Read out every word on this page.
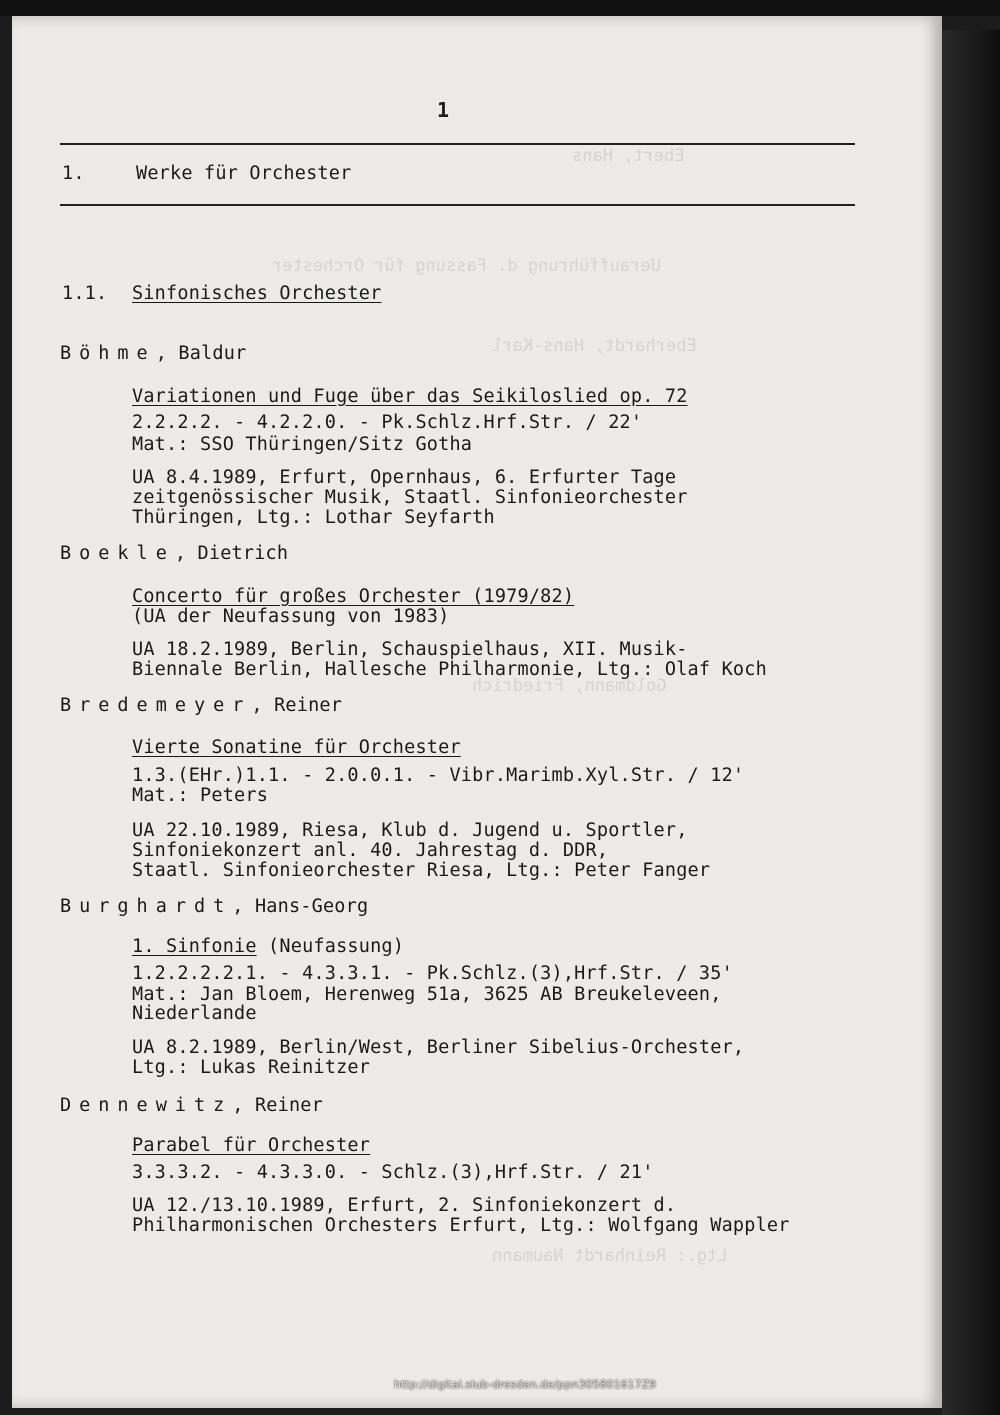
Ebert, Hans
Ueraufführung d. Fassung für Orchester
Eberhardt, Hans-Karl
Goldmann, Friedrich
Ltg.: Reinhardt Naumann
1
1.	Werke für Orchester
1.1. Sinfonisches Orchester
Böhme, Baldur
Variationen und Fuge über das Seikiloslied op. 72
2.2.2.2. - 4.2.2.0. - Pk.Schlz.Hrf.Str. / 22'
Mat.: SSO Thüringen/Sitz Gotha
UA 8.4.1989, Erfurt, Opernhaus, 6. Erfurter Tage
zeitgenössischer Musik, Staatl. Sinfonieorchester
Thüringen, Ltg.: Lothar Seyfarth
Boekle, Dietrich
Concerto für großes Orchester (1979/82)
(UA der Neufassung von 1983)
UA 18.2.1989, Berlin, Schauspielhaus, XII. Musik-
Biennale Berlin, Hallesche Philharmonie, Ltg.: Olaf Koch
Bredemeyer, Reiner
Vierte Sonatine für Orchester
1.3.(EHr.)1.1. - 2.0.0.1. - Vibr.Marimb.Xyl.Str. / 12'
Mat.: Peters
UA 22.10.1989, Riesa, Klub d. Jugend u. Sportler,
Sinfoniekonzert anl. 40. Jahrestag d. DDR,
Staatl. Sinfonieorchester Riesa, Ltg.: Peter Fanger
Burghardt, Hans-Georg
1. Sinfonie (Neufassung)
1.2.2.2.2.1. - 4.3.3.1. - Pk.Schlz.(3),Hrf.Str. / 35'
Mat.: Jan Bloem, Herenweg 51a, 3625 AB Breukeleveen,
Niederlande
UA 8.2.1989, Berlin/West, Berliner Sibelius-Orchester,
Ltg.: Lukas Reinitzer
Dennewitz, Reiner
Parabel für Orchester
3.3.3.2. - 4.3.3.0. - Schlz.(3),Hrf.Str. / 21'
UA 12./13.10.1989, Erfurt, 2. Sinfoniekonzert d.
Philharmonischen Orchesters Erfurt, Ltg.: Wolfgang Wappler
http://digital.slub-dresden.de/ppn305801617Z9
